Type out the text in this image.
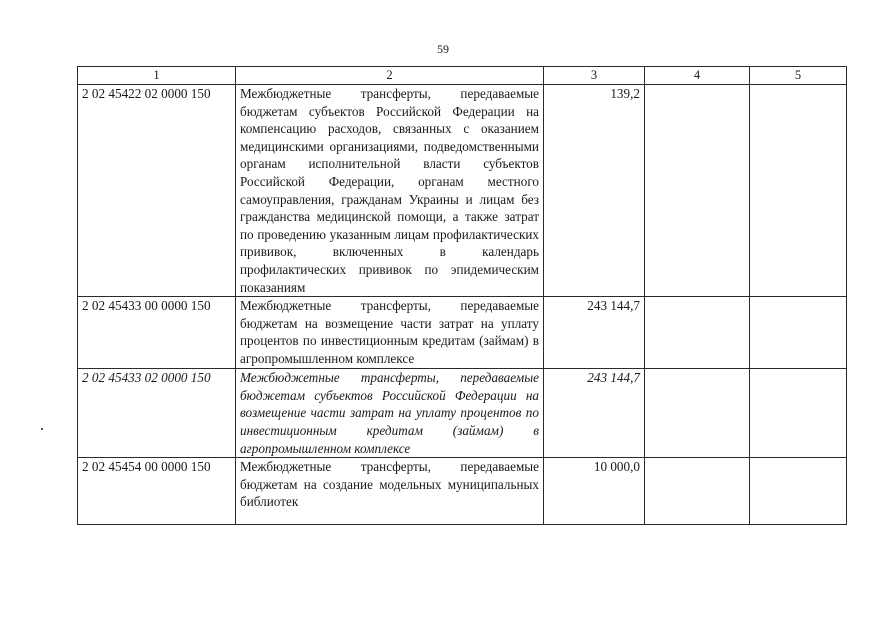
59
1	2	3	4	5
2 02 45422 02 0000 150	Межбюджетные трансферты, передаваемые бюджетам субъектов Российской Федерации на компенсацию расходов, связанных с оказанием медицинскими организациями, подведомственными органам исполнительной власти субъектов Российской Федерации, органам местного самоуправления, гражданам Украины и лицам без гражданства медицинской помощи, а также затрат по проведению указанным лицам профилактических прививок, включенных в календарь профилактических прививок по эпидемическим показаниям	139,2		
2 02 45433 00 0000 150	Межбюджетные трансферты, передаваемые бюджетам на возмещение части затрат на уплату процентов по инвестиционным кредитам (займам) в агропромышленном комплексе	243 144,7		
2 02 45433 02 0000 150	Межбюджетные трансферты, передаваемые бюджетам субъектов Российской Федерации на возмещение части затрат на уплату процентов по инвестиционным кредитам (займам) в агропромышленном комплексе	243 144,7		
2 02 45454 00 0000 150	Межбюджетные трансферты, передаваемые бюджетам на создание модельных муниципальных библиотек	10 000,0		
